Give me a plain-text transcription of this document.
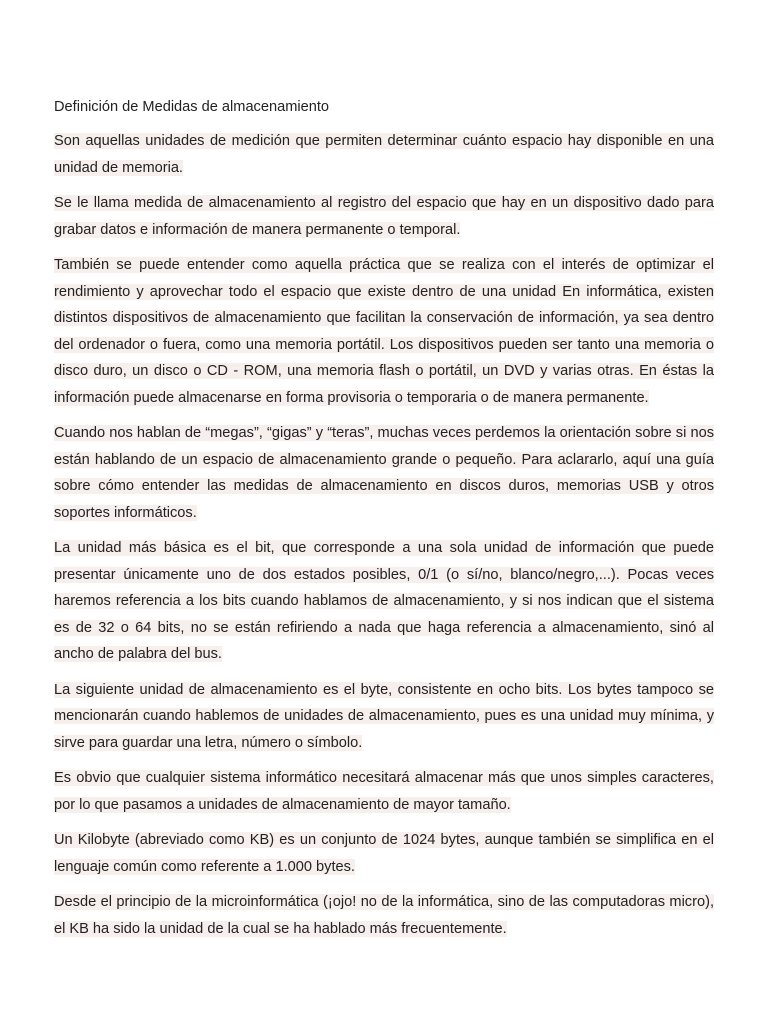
Definición de Medidas de almacenamiento

Son aquellas unidades de medición que permiten determinar cuánto espacio hay disponible en una unidad de memoria.

Se le llama medida de almacenamiento al registro del espacio que hay en un dispositivo dado para grabar datos e información de manera permanente o temporal.

También se puede entender como aquella práctica que se realiza con el interés de optimizar el rendimiento y aprovechar todo el espacio que existe dentro de una unidad En informática, existen distintos dispositivos de almacenamiento que facilitan la conservación de información, ya sea dentro del ordenador o fuera, como una memoria portátil. Los dispositivos pueden ser tanto una memoria o disco duro, un disco o CD - ROM, una memoria flash o portátil, un DVD y varias otras. En éstas la información puede almacenarse en forma provisoria o temporaria o de manera permanente.

Cuando nos hablan de “megas”, “gigas” y “teras”, muchas veces perdemos la orientación sobre si nos están hablando de un espacio de almacenamiento grande o pequeño. Para aclararlo, aquí una guía sobre cómo entender las medidas de almacenamiento en discos duros, memorias USB y otros soportes informáticos.

La unidad más básica es el bit, que corresponde a una sola unidad de información que puede presentar únicamente uno de dos estados posibles, 0/1 (o sí/no, blanco/negro,...). Pocas veces haremos referencia a los bits cuando hablamos de almacenamiento, y si nos indican que el sistema es de 32 o 64 bits, no se están refiriendo a nada que haga referencia a almacenamiento, sinó al ancho de palabra del bus.

La siguiente unidad de almacenamiento es el byte, consistente en ocho bits. Los bytes tampoco se mencionarán cuando hablemos de unidades de almacenamiento, pues es una unidad muy mínima, y sirve para guardar una letra, número o símbolo.

Es obvio que cualquier sistema informático necesitará almacenar más que unos simples caracteres, por lo que pasamos a unidades de almacenamiento de mayor tamaño.

Un Kilobyte (abreviado como KB) es un conjunto de 1024 bytes, aunque también se simplifica en el lenguaje común como referente a 1.000 bytes.

Desde el principio de la microinformática (¡ojo! no de la informática, sino de las computadoras micro), el KB ha sido la unidad de la cual se ha hablado más frecuentemente.
